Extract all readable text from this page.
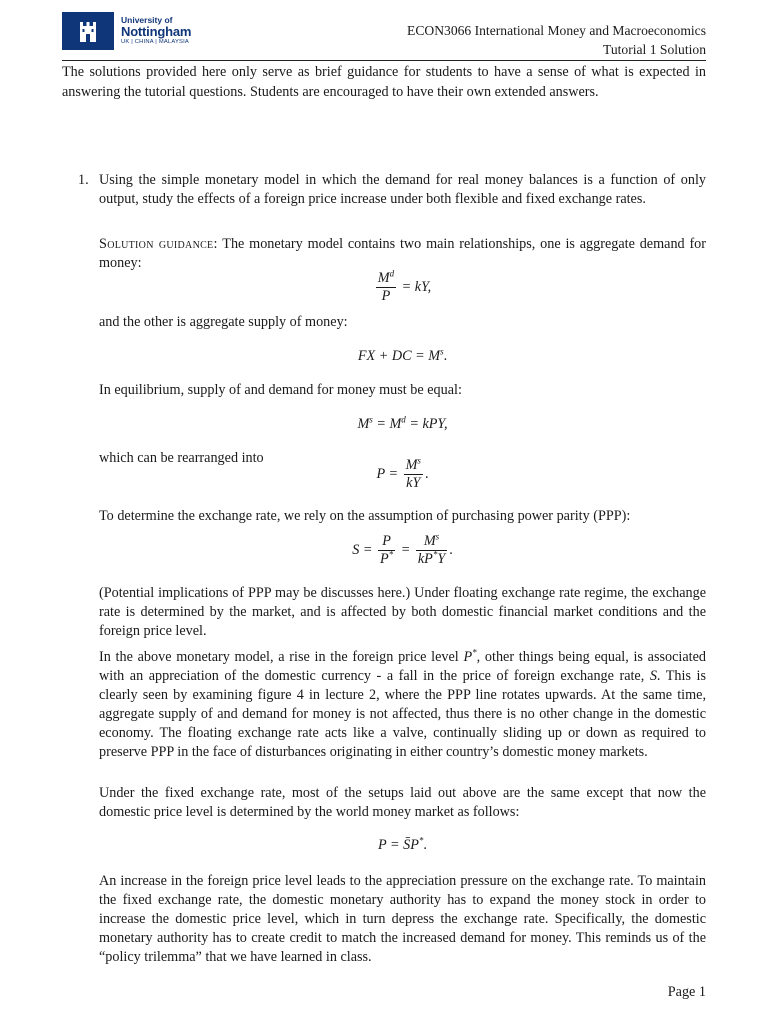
University of
Nottingham
UK | CHINA | MALAYSIA
ECON3066 International Money and Macroeconomics
Tutorial 1 Solution
The solutions provided here only serve as brief guidance for students to have a sense of what is expected in answering the tutorial questions. Students are encouraged to have their own extended answers.
1. Using the simple monetary model in which the demand for real money balances is a function of only output, study the effects of a foreign price increase under both flexible and fixed exchange rates.

Solution guidance: The monetary model contains two main relationships, one is aggregate demand for money:

$\frac{M^d}{P}$ = kY,

and the other is aggregate supply of money:

FX + DC = $M^s$.

In equilibrium, supply of and demand for money must be equal:

$M^s = M^d$ = kPY,

which can be rearranged into

$P = \frac{M^s}{kY}$ .

To determine the exchange rate, we rely on the assumption of purchasing power parity (PPP):

$S = \frac{P}{P^*} = \frac{M^s}{kP^*Y}$ .

(Potential implications of PPP may be discusses here.) Under floating exchange rate regime, the exchange rate is determined by the market, and is affected by both domestic financial market conditions and the foreign price level.

In the above monetary model, a rise in the foreign price level P*, other things being equal, is associated with an appreciation of the domestic currency - a fall in the price of foreign exchange rate, S. This is clearly seen by examining figure 4 in lecture 2, where the PPP line rotates upwards. At the same time, aggregate supply of and demand for money is not affected, thus there is no other change in the domestic economy. The floating exchange rate acts like a valve, continually sliding up or down as required to preserve PPP in the face of disturbances originating in either country’s domestic money markets.

Under the fixed exchange rate, most of the setups laid out above are the same except that now the domestic price level is determined by the world money market as follows:

P = S̄P*.

An increase in the foreign price level leads to the appreciation pressure on the exchange rate. To maintain the fixed exchange rate, the domestic monetary authority has to expand the money stock in order to increase the domestic price level, which in turn depress the exchange rate. Specifically, the domestic monetary authority has to create credit to match the increased demand for money. This reminds us of the “policy trilemma” that we have learned in class.

Page 1
